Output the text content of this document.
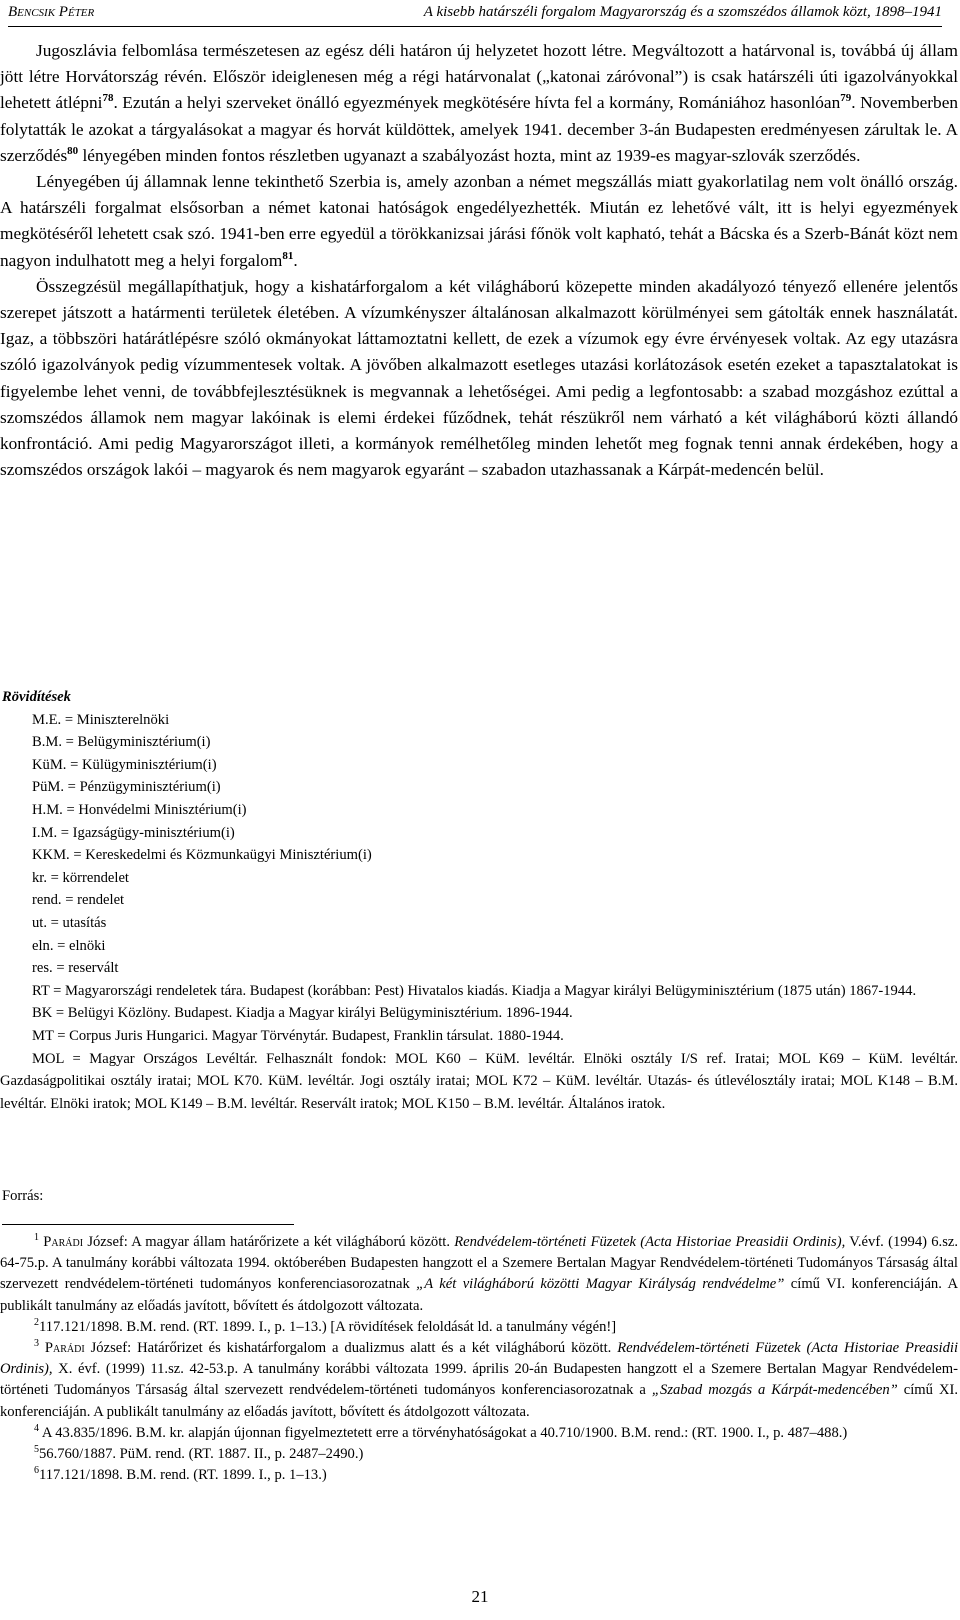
Bencsik Péter	A kisebb határszéli forgalom Magyarország és a szomszédos államok közt, 1898–1941

Jugoszlávia felbomlása természetesen az egész déli határon új helyzetet hozott létre. Megváltozott a határvonal is, továbbá új állam jött létre Horvátország révén. Először ideiglenesen még a régi határvonalat („katonai záróvonal”) is csak határszéli úti igazolványokkal lehetett átlépni$^{78}$. Ezután a helyi szerveket önálló egyezmények megkötésére hívta fel a kormány, Romániához hasonlóan$^{79}$. Novemberben folytatták le azokat a tárgyalásokat a magyar és horvát küldöttek, amelyek 1941. december 3-án Budapesten eredményesen zárultak le. A szerződés$^{80}$ lényegében minden fontos részletben ugyanazt a szabályozást hozta, mint az 1939-es magyar-szlovák szerződés.

Lényegében új államnak lenne tekinthető Szerbia is, amely azonban a német megszállás miatt gyakorlatilag nem volt önálló ország. A határszéli forgalmat elsősorban a német katonai hatóságok engedélyezhették. Miután ez lehetővé vált, itt is helyi egyezmények megkötéséről lehetett csak szó. 1941-ben erre egyedül a törökkanizsai járási főnök volt kapható, tehát a Bácska és a Szerb-Bánát közt nem nagyon indulhatott meg a helyi forgalom$^{81}$.

Összegzésül megállapíthatjuk, hogy a kishatárforgalom a két világháború közepette minden akadályozó tényező ellenére jelentős szerepet játszott a határmenti területek életében. A vízumkényszer általánosan alkalmazott körülményei sem gátolták ennek használatát. Igaz, a többszöri határátlépésre szóló okmányokat láttamoztatni kellett, de ezek a vízumok egy évre érvényesek voltak. Az egy utazásra szóló igazolványok pedig vízummentesek voltak. A jövőben alkalmazott esetleges utazási korlátozások esetén ezeket a tapasztalatokat is figyelembe lehet venni, de továbbfejlesztésüknek is megvannak a lehetőségei. Ami pedig a legfontosabb: a szabad mozgáshoz ezúttal a szomszédos államok nem magyar lakóinak is elemi érdekei fűződnek, tehát részükről nem várható a két világháború közti állandó konfrontáció. Ami pedig Magyarországot illeti, a kormányok remélhetőleg minden lehetőt meg fognak tenni annak érdekében, hogy a szomszédos országok lakói – magyarok és nem magyarok egyaránt – szabadon utazhassanak a Kárpát-medencén belül.

Rövidítések
M.E. = Miniszterelnöki
B.M. = Belügyminisztérium(i)
KüM. = Külügyminisztérium(i)
PüM. = Pénzügyminisztérium(i)
H.M. = Honvédelmi Minisztérium(i)
I.M. = Igazságügy-minisztérium(i)
KKM. = Kereskedelmi és Közmunkaügyi Minisztérium(i)
kr. = körrendelet
rend. = rendelet
ut. = utasítás
eln. = elnöki
res. = reservált
RT = Magyarországi rendeletek tára. Budapest (korábban: Pest) Hivatalos kiadás. Kiadja a Magyar királyi Belügyminisztérium (1875 után) 1867-1944.
BK = Belügyi Közlöny. Budapest. Kiadja a Magyar királyi Belügyminisztérium. 1896-1944.
MT = Corpus Juris Hungarici. Magyar Törvénytár. Budapest, Franklin társulat. 1880-1944.
MOL = Magyar Országos Levéltár. Felhasznált fondok: MOL K60 – KüM. levéltár. Elnöki osztály I/S ref. Iratai; MOL K69 – KüM. levéltár. Gazdaságpolitikai osztály iratai; MOL K70. KüM. levéltár. Jogi osztály iratai; MOL K72 – KüM. levéltár. Utazás- és útlevélosztály iratai; MOL K148 – B.M. levéltár. Elnöki iratok; MOL K149 – B.M. levéltár. Reservált iratok; MOL K150 – B.M. levéltár. Általános iratok.
Forrás:

$^1$ Parádi József: A magyar állam határőrizete a két világháború között. Rendvédelem-történeti Füzetek (Acta Historiae Preasidii Ordinis), V.évf. (1994) 6.sz. 64-75.p. A tanulmány korábbi változata 1994. októberében Budapesten hangzott el a Szemere Bertalan Magyar Rendvédelem-történeti Tudományos Társaság által szervezett rendvédelem-történeti tudományos konferenciasorozatnak „A két világháború közötti Magyar Királyság rendvédelme” című VI. konferenciáján. A publikált tanulmány az előadás javított, bővített és átdolgozott változata.

$^2$117.121/1898. B.M. rend. (RT. 1899. I., p. 1–13.) [A rövidítések feloldását ld. a tanulmány végén!]

$^3$ Parádi József: Határőrizet és kishatárforgalom a dualizmus alatt és a két világháború között. Rendvédelem-történeti Füzetek (Acta Historiae Preasidii Ordinis), X. évf. (1999) 11.sz. 42-53.p. A tanulmány korábbi változata 1999. április 20-án Budapesten hangzott el a Szemere Bertalan Magyar Rendvédelem-történeti Tudományos Társaság által szervezett rendvédelem-történeti tudományos konferenciasorozatnak a „Szabad mozgás a Kárpát-medencében” című XI. konferenciáján. A publikált tanulmány az előadás javított, bővített és átdolgozott változata.

$^4$ A 43.835/1896. B.M. kr. alapján újonnan figyelmeztetett erre a törvényhatóságokat a 40.710/1900. B.M. rend.: (RT. 1900. I., p. 487–488.)

$^5$56.760/1887. PüM. rend. (RT. 1887. II., p. 2487–2490.)

$^6$117.121/1898. B.M. rend. (RT. 1899. I., p. 1–13.)

21
